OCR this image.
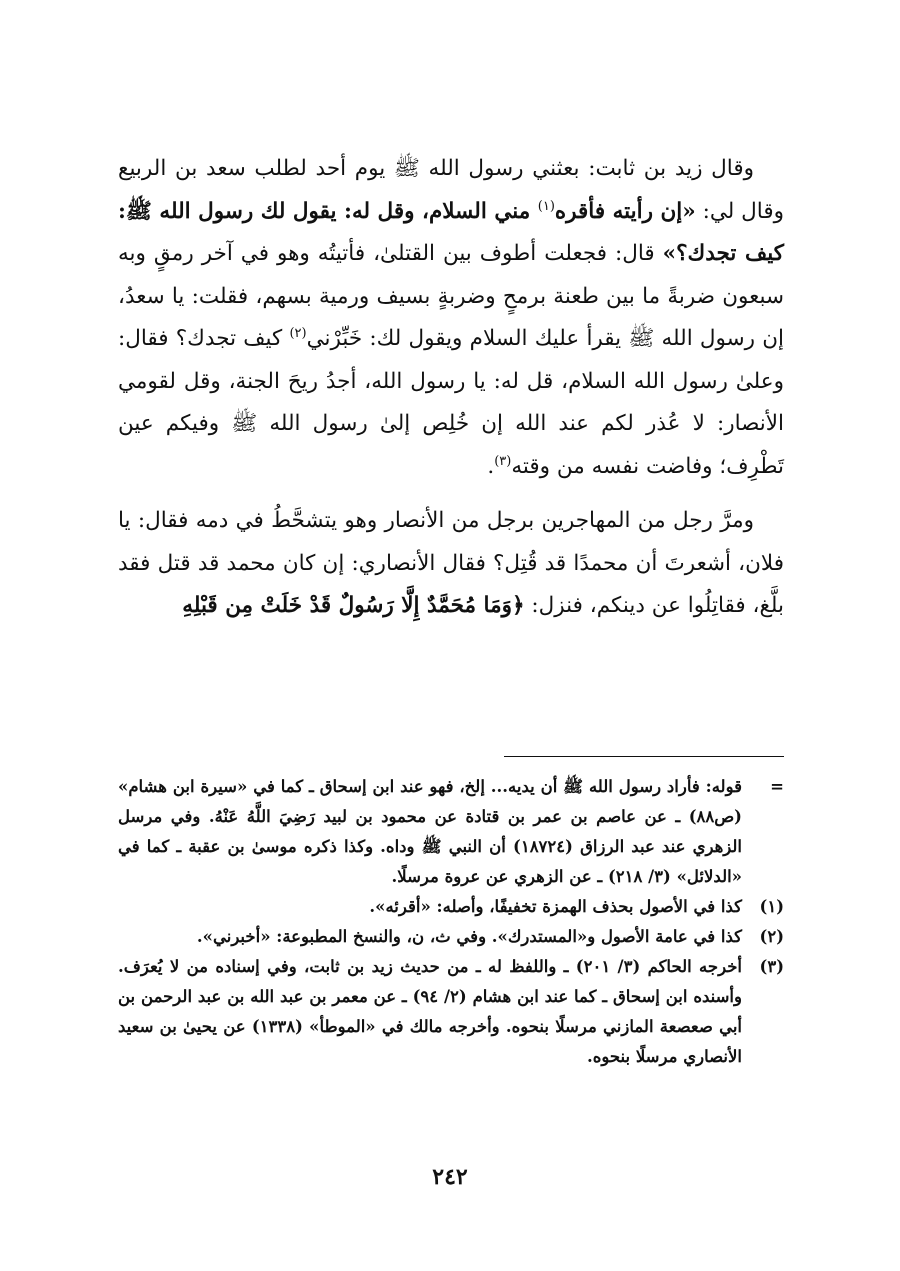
وقال زيد بن ثابت: بعثني رسول الله ﷺ يوم أحد لطلب سعد بن الربيع وقال لي: «إن رأيته فأقره$^{(١)}$ مني السلام، وقل له: يقول لك رسول الله ﷺ: كيف تجدك؟» قال: فجعلت أطوف بين القتلىٰ، فأتيتُه وهو في آخر رمقٍ وبه سبعون ضربةً ما بين طعنة برمحٍ وضربةٍ بسيف ورمية بسهم، فقلت: يا سعدُ، إن رسول الله ﷺ يقرأ عليك السلام ويقول لك: خَبِّرْني$^{(٢)}$ كيف تجدك؟ فقال: وعلىٰ رسول الله السلام، قل له: يا رسول الله، أجدُ ريحَ الجنة، وقل لقومي الأنصار: لا عُذر لكم عند الله إن خُلِص إلىٰ رسول الله ﷺ وفيكم عين تَطْرِف؛ وفاضت نفسه من وقته$^{(٣)}$.

ومرَّ رجل من المهاجرين برجل من الأنصار وهو يتشحَّطُ في دمه فقال: يا فلان، أشعرتَ أن محمدًا قد قُتِل؟ فقال الأنصاري: إن كان محمد قد قتل فقد بلَّغ، فقاتِلُوا عن دينكم، فنزل: ﴿وَمَا مُحَمَّدٌ إِلَّا رَسُولٌ قَدْ خَلَتْ مِن قَبْلِهِ

=
قوله: فأراد رسول الله ﷺ أن يديه... إلخ، فهو عند ابن إسحاق ـ كما في «سيرة ابن هشام» (ص٨٨) ـ عن عاصم بن عمر بن قتادة عن محمود بن لبيد رَضِيَ اللَّهُ عَنْهُ. وفي مرسل الزهري عند عبد الرزاق (١٨٧٢٤) أن النبي ﷺ وداه. وكذا ذكره موسىٰ بن عقبة ـ كما في «الدلائل» (٣/ ٢١٨) ـ عن الزهري عن عروة مرسلًا.
(١)
كذا في الأصول بحذف الهمزة تخفيفًا، وأصله: «أقرئه».
(٢)
كذا في عامة الأصول و«المستدرك». وفي ث، ن، والنسخ المطبوعة: «أخبرني».
(٣)
أخرجه الحاكم (٣/ ٢٠١) ـ واللفظ له ـ من حديث زيد بن ثابت، وفي إسناده من لا يُعرَف. وأسنده ابن إسحاق ـ كما عند ابن هشام (٢/ ٩٤) ـ عن معمر بن عبد الله بن عبد الرحمن بن أبي صعصعة المازني مرسلًا بنحوه. وأخرجه مالك في «الموطأ» (١٣٣٨) عن يحيىٰ بن سعيد الأنصاري مرسلًا بنحوه.
٢٤٢
